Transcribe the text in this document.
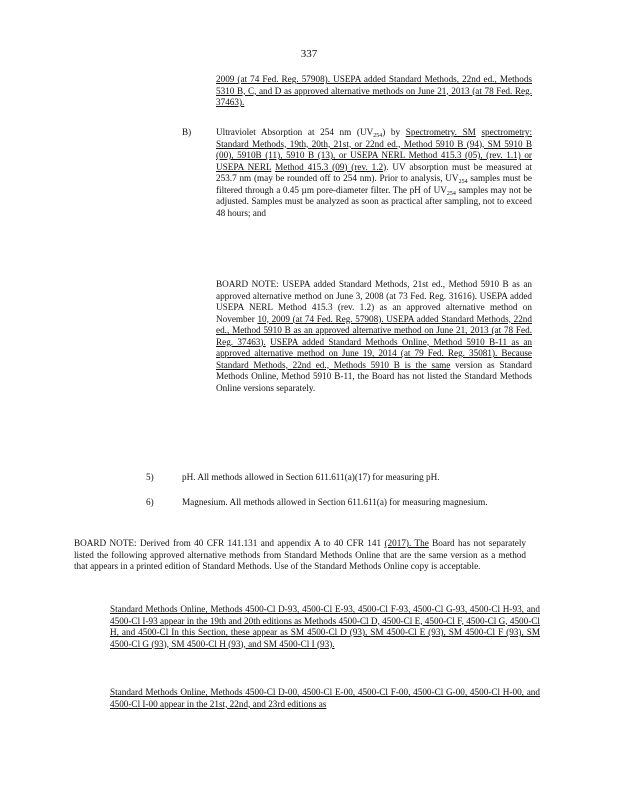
337

2009 (at 74 Fed. Reg. 57908). USEPA added Standard Methods, 22nd ed., Methods 5310 B, C, and D as approved alternative methods on June 21, 2013 (at 78 Fed. Reg. 37463).

B)	Ultraviolet Absorption at 254 nm $(UV_{254})$ by Spectrometry. SM spectrometry: Standard Methods, 19th, 20th, 21st, or 22nd ed., Method 5910 B (94), SM 5910 B (00), 5910B (11), 5910 B (13), or USEPA NERL Method 415.3 (05), (rev. 1.1) or USEPA NERL Method 415.3 (09) (rev. 1.2). UV absorption must be measured at 253.7 nm (may be rounded off to 254 nm). Prior to analysis, $UV_{254}$ samples must be filtered through a 0.45 µm pore-diameter filter. The pH of $UV_{254}$ samples may not be adjusted. Samples must be analyzed as soon as practical after sampling, not to exceed 48 hours; and

BOARD NOTE: USEPA added Standard Methods, 21st ed., Method 5910 B as an approved alternative method on June 3, 2008 (at 73 Fed. Reg. 31616). USEPA added USEPA NERL Method 415.3 (rev. 1.2) as an approved alternative method on November 10, 2009 (at 74 Fed. Reg. 57908). USEPA added Standard Methods, 22nd ed., Method 5910 B as an approved alternative method on June 21, 2013 (at 78 Fed. Reg. 37463). USEPA added Standard Methods Online, Method 5910 B-11 as an approved alternative method on June 19, 2014 (at 79 Fed. Reg. 35081). Because Standard Methods, 22nd ed., Methods 5910 B is the same version as Standard Methods Online, Method 5910 B-11, the Board has not listed the Standard Methods Online versions separately.

5)	pH. All methods allowed in Section 611.611(a)(17) for measuring pH.

6)	Magnesium. All methods allowed in Section 611.611(a) for measuring magnesium.

BOARD NOTE: Derived from 40 CFR 141.131 and appendix A to 40 CFR 141 (2017). The Board has not separately listed the following approved alternative methods from Standard Methods Online that are the same version as a method that appears in a printed edition of Standard Methods. Use of the Standard Methods Online copy is acceptable.

Standard Methods Online, Methods 4500-Cl D-93, 4500-Cl E-93, 4500-Cl F-93, 4500-Cl G-93, 4500-Cl H-93, and 4500-Cl I-93 appear in the 19th and 20th editions as Methods 4500-Cl D, 4500-Cl E, 4500-Cl F, 4500-Cl G, 4500-Cl H, and 4500-Cl In this Section, these appear as SM 4500-Cl D (93), SM 4500-Cl E (93), SM 4500-Cl F (93), SM 4500-Cl G (93), SM 4500-Cl H (93), and SM 4500-Cl I (93).

Standard Methods Online, Methods 4500-Cl D-00, 4500-Cl E-00, 4500-Cl F-00, 4500-Cl G-00, 4500-Cl H-00, and 4500-Cl I-00 appear in the 21st, 22nd, and 23rd editions as
